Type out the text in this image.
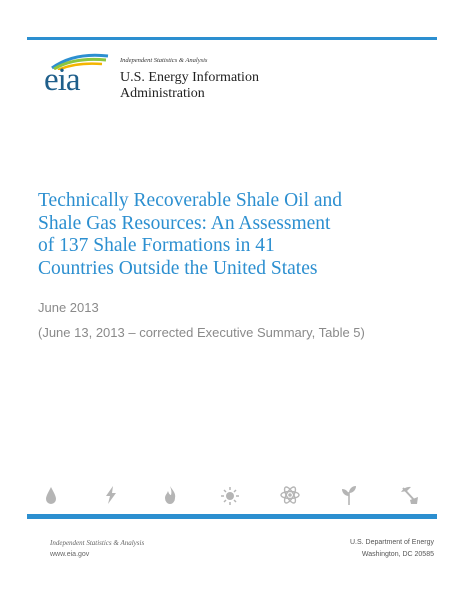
eia
Independent Statistics & Analysis
U.S. Energy Information
Administration
Technically Recoverable Shale Oil and
Shale Gas Resources: An Assessment
of 137 Shale Formations in 41
Countries Outside the United States
June 2013
(June 13, 2013 – corrected Executive Summary, Table 5)
Independent Statistics & Analysis
www.eia.gov
U.S. Department of Energy
Washington, DC 20585
